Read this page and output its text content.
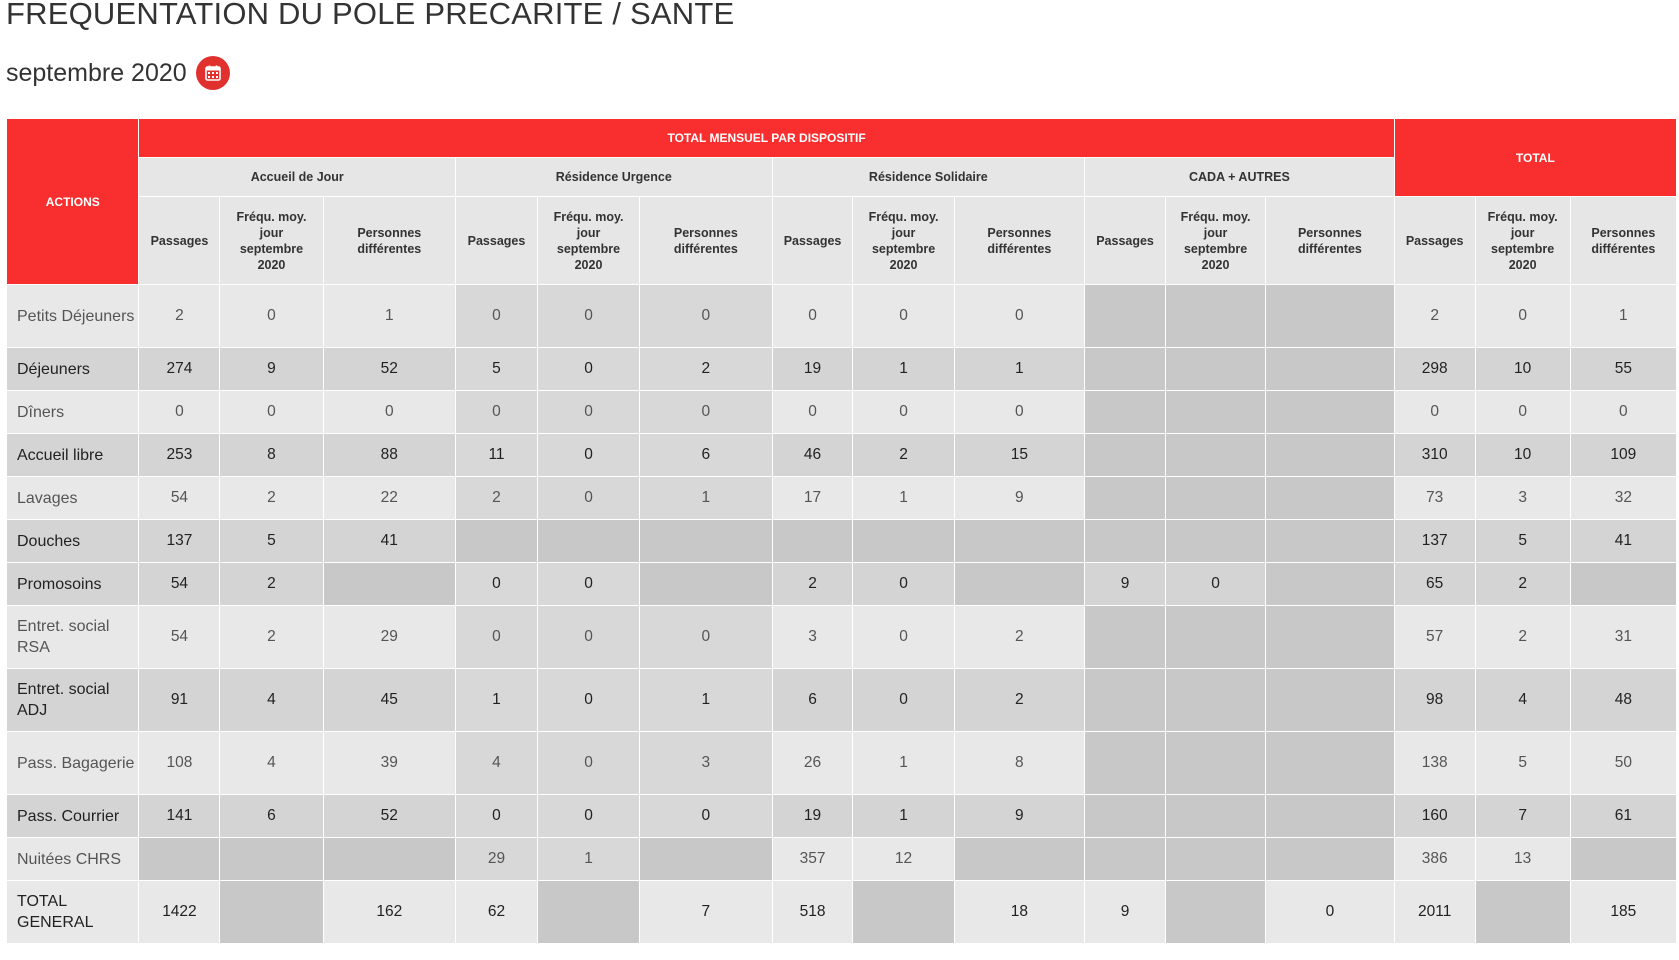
FREQUENTATION DU POLE PRECARITE / SANTE
septembre 2020
ACTIONS	TOTAL MENSUEL PAR DISPOSITIF												TOTAL		
	Accueil de Jour			Résidence Urgence			Résidence Solidaire			CADA + AUTRES					
	Passages	Fréqu. moy. jour septembre 2020	Personnes différentes	Passages	Fréqu. moy. jour septembre 2020	Personnes différentes	Passages	Fréqu. moy. jour septembre 2020	Personnes différentes	Passages	Fréqu. moy. jour septembre 2020	Personnes différentes	Passages	Fréqu. moy. jour septembre 2020	Personnes différentes
Petits Déjeuners	2	0	1	0	0	0	0	0	0				2	0	1
Déjeuners	274	9	52	5	0	2	19	1	1				298	10	55
Dîners	0	0	0	0	0	0	0	0	0				0	0	0
Accueil libre	253	8	88	11	0	6	46	2	15				310	10	109
Lavages	54	2	22	2	0	1	17	1	9				73	3	32
Douches	137	5	41										137	5	41
Promosoins	54	2		0	0		2	0		9	0		65	2	
Entret. social RSA	54	2	29	0	0	0	3	0	2				57	2	31
Entret. social ADJ	91	4	45	1	0	1	6	0	2				98	4	48
Pass. Bagagerie	108	4	39	4	0	3	26	1	8				138	5	50
Pass. Courrier	141	6	52	0	0	0	19	1	9				160	7	61
Nuitées CHRS				29	1		357	12					386	13	
TOTAL GENERAL	1422		162	62		7	518		18	9		0	2011		185
